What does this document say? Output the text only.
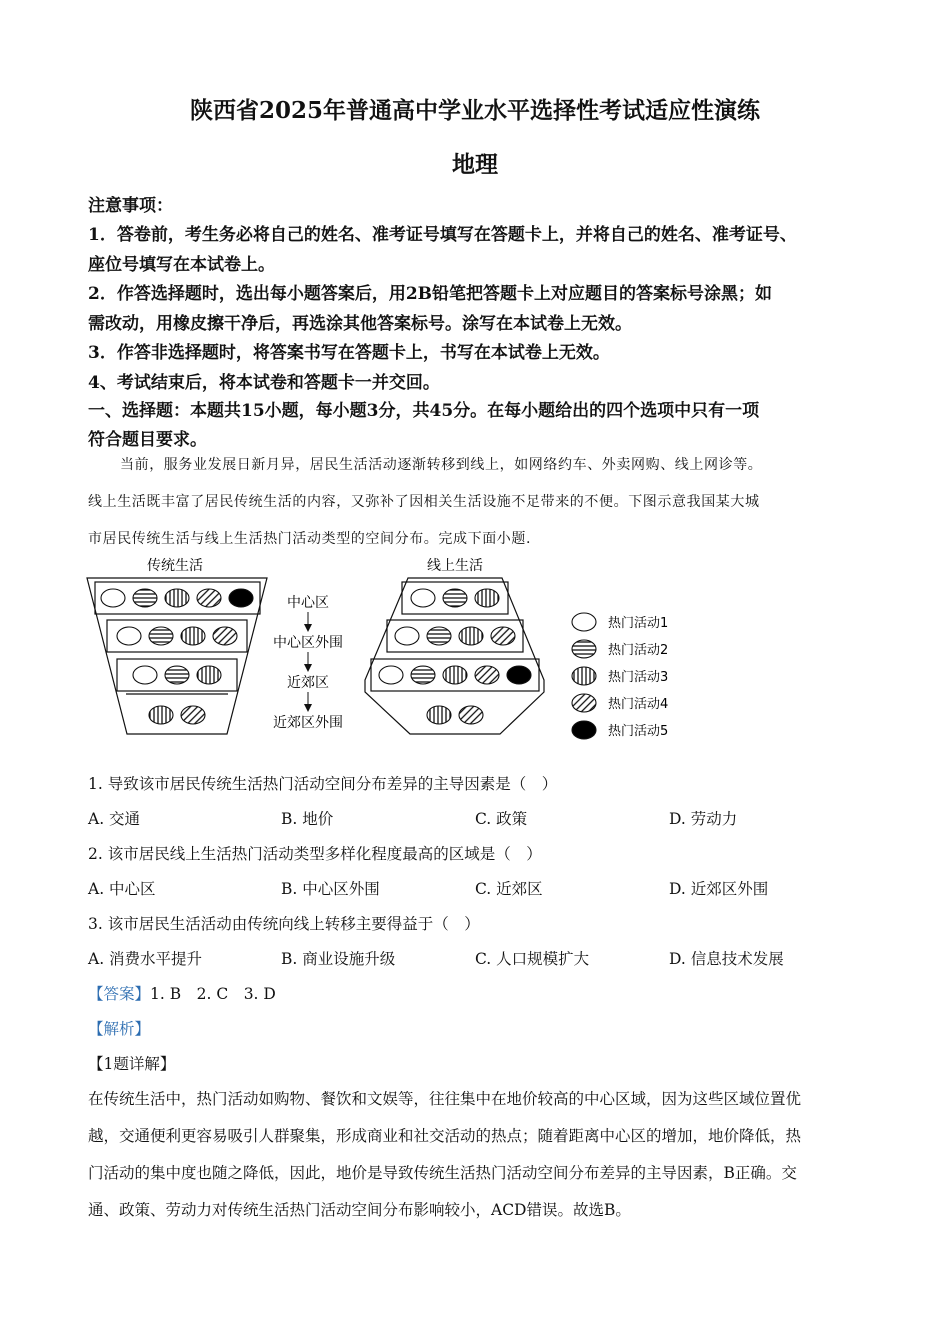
陕西省2025年普通高中学业水平选择性考试适应性演练
地理
注意事项：
1．答卷前，考生务必将自己的姓名、准考证号填写在答题卡上，并将自己的姓名、准考证号、
座位号填写在本试卷上。
2．作答选择题时，选出每小题答案后，用2B铅笔把答题卡上对应题目的答案标号涂黑；如
需改动，用橡皮擦干净后，再选涂其他答案标号。涂写在本试卷上无效。
3．作答非选择题时，将答案书写在答题卡上，书写在本试卷上无效。
4、考试结束后，将本试卷和答题卡一并交回。
一、选择题：本题共15小题，每小题3分，共45分。在每小题给出的四个选项中只有一项
符合题目要求。
当前，服务业发展日新月异，居民生活活动逐渐转移到线上，如网络约车、外卖网购、线上网诊等。
线上生活既丰富了居民传统生活的内容，又弥补了因相关生活设施不足带来的不便。下图示意我国某大城
市居民传统生活与线上生活热门活动类型的空间分布。完成下面小题.
传统生活	线上生活
中心区
中心区外围
近郊区
近郊区外围
热门活动1
热门活动2
热门活动3
热门活动4
热门活动5
1. 导致该市居民传统生活热门活动空间分布差异的主导因素是（　）
A. 交通	B. 地价	C. 政策	D. 劳动力
2. 该市居民线上生活热门活动类型多样化程度最高的区域是（　）
A. 中心区	B. 中心区外围	C. 近郊区	D. 近郊区外围
3. 该市居民生活活动由传统向线上转移主要得益于（　）
A. 消费水平提升	B. 商业设施升级	C. 人口规模扩大	D. 信息技术发展
【答案】1. B　2. C　3. D
【解析】
【1题详解】
在传统生活中，热门活动如购物、餐饮和文娱等，往往集中在地价较高的中心区域，因为这些区域位置优
越，交通便利更容易吸引人群聚集，形成商业和社交活动的热点；随着距离中心区的增加，地价降低，热
门活动的集中度也随之降低，因此，地价是导致传统生活热门活动空间分布差异的主导因素，B正确。交
通、政策、劳动力对传统生活热门活动空间分布影响较小，ACD错误。故选B。
